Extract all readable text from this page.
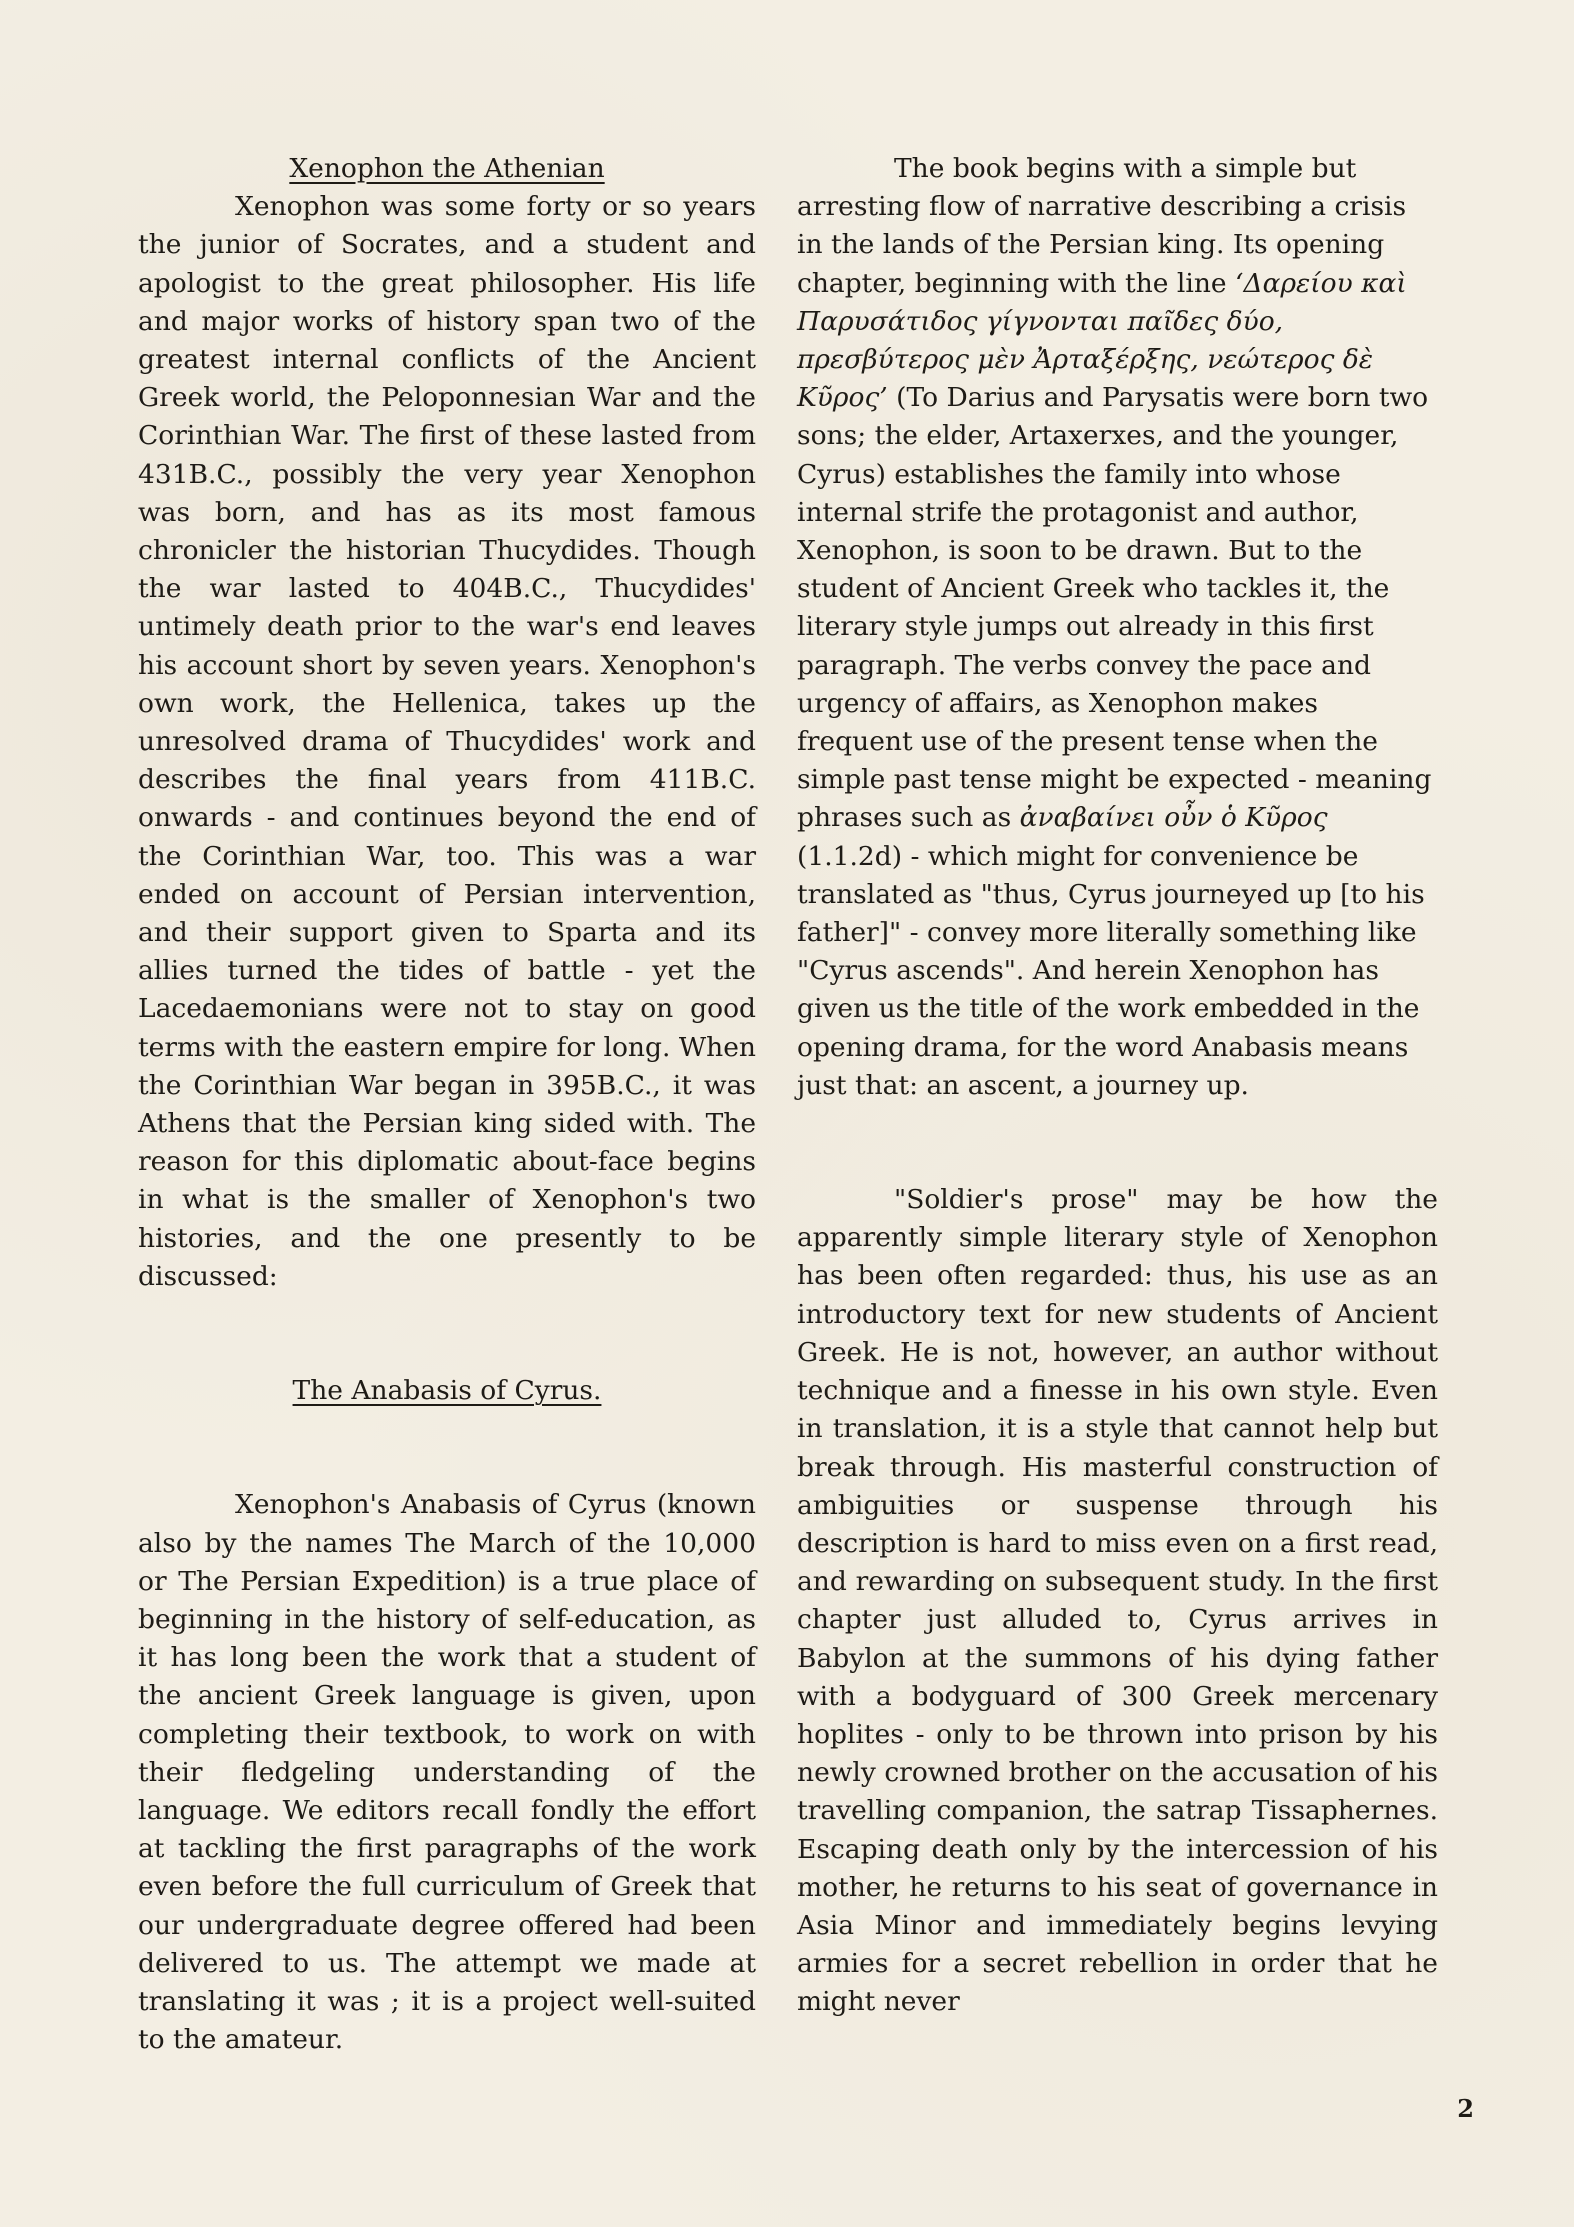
Xenophon the Athenian

Xenophon was some forty or so years the junior of Socrates, and a student and apologist to the great philosopher. His life and major works of history span two of the greatest internal conflicts of the Ancient Greek world, the Peloponnesian War and the Corinthian War. The first of these lasted from 431B.C., possibly the very year Xenophon was born, and has as its most famous chronicler the historian Thucydides. Though the war lasted to 404B.C., Thucydides' untimely death prior to the war's end leaves his account short by seven years. Xenophon's own work, the Hellenica, takes up the unresolved drama of Thucydides' work and describes the final years from 411B.C. onwards - and continues beyond the end of the Corinthian War, too. This was a war ended on account of Persian intervention, and their support given to Sparta and its allies turned the tides of battle - yet the Lacedaemonians were not to stay on good terms with the eastern empire for long. When the Corinthian War began in 395B.C., it was Athens that the Persian king sided with. The reason for this diplomatic about-face begins in what is the smaller of Xenophon's two histories, and the one presently to be discussed:

The Anabasis of Cyrus.

Xenophon's Anabasis of Cyrus (known also by the names The March of the 10,000 or The Persian Expedition) is a true place of beginning in the history of self-education, as it has long been the work that a student of the ancient Greek language is given, upon completing their textbook, to work on with their fledgeling understanding of the language. We editors recall fondly the effort at tackling the first paragraphs of the work even before the full curriculum of Greek that our undergraduate degree offered had been delivered to us. The attempt we made at translating it was ; it is a project well-suited to the amateur.

The book begins with a simple but arresting flow of narrative describing a crisis in the lands of the Persian king. Its opening chapter, beginning with the line ‘Δαρείου καὶ Παρυσάτιδος γίγνονται παῖδες δύο, πρεσβύτερος μὲν Ἀρταξέρξης, νεώτερος δὲ Κῦρος’ (To Darius and Parysatis were born two sons; the elder, Artaxerxes, and the younger, Cyrus) establishes the family into whose internal strife the protagonist and author, Xenophon, is soon to be drawn. But to the student of Ancient Greek who tackles it, the literary style jumps out already in this first paragraph. The verbs convey the pace and urgency of affairs, as Xenophon makes frequent use of the present tense when the simple past tense might be expected - meaning phrases such as ἀναβαίνει οὖν ὁ Κῦρος (1.1.2d) - which might for convenience be translated as "thus, Cyrus journeyed up [to his father]" - convey more literally something like "Cyrus ascends". And herein Xenophon has given us the title of the work embedded in the opening drama, for the word Anabasis means just that: an ascent, a journey up.

"Soldier's prose" may be how the apparently simple literary style of Xenophon has been often regarded: thus, his use as an introductory text for new students of Ancient Greek. He is not, however, an author without technique and a finesse in his own style. Even in translation, it is a style that cannot help but break through. His masterful construction of ambiguities or suspense through his description is hard to miss even on a first read, and rewarding on subsequent study. In the first chapter just alluded to, Cyrus arrives in Babylon at the summons of his dying father with a bodyguard of 300 Greek mercenary hoplites - only to be thrown into prison by his newly crowned brother on the accusation of his travelling companion, the satrap Tissaphernes. Escaping death only by the intercession of his mother, he returns to his seat of governance in Asia Minor and immediately begins levying armies for a secret rebellion in order that he might never

2
